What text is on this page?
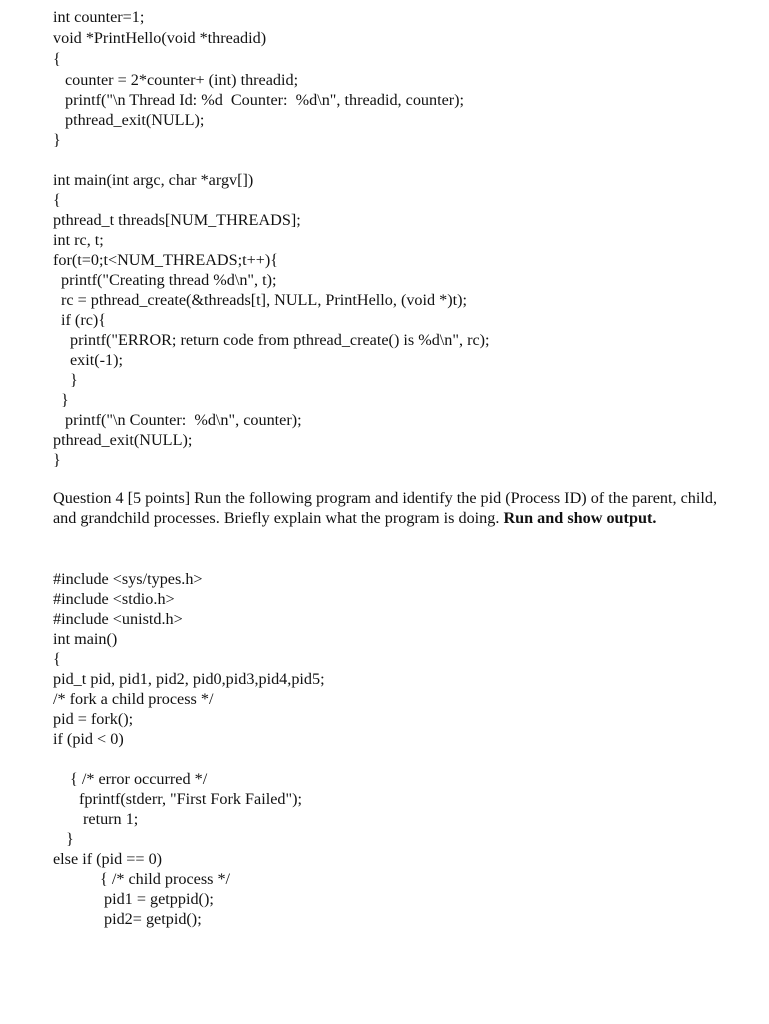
int counter=1;
void *PrintHello(void *threadid)
{
counter = 2*counter+ (int) threadid;
printf("\n Thread Id: %d  Counter:  %d\n", threadid, counter);
pthread_exit(NULL);
}
int main(int argc, char *argv[])
{
pthread_t threads[NUM_THREADS];
int rc, t;
for(t=0;t<NUM_THREADS;t++){
printf("Creating thread %d\n", t);
rc = pthread_create(&threads[t], NULL, PrintHello, (void *)t);
if (rc){
printf("ERROR; return code from pthread_create() is %d\n", rc);
exit(-1);
}
}
printf("\n Counter:  %d\n", counter);
pthread_exit(NULL);
}
Question 4 [5 points] Run the following program and identify the pid (Process ID) of the parent, child, and grandchild processes. Briefly explain what the program is doing. Run and show output.
#include <sys/types.h>
#include <stdio.h>
#include <unistd.h>
int main()
{
pid_t pid, pid1, pid2, pid0,pid3,pid4,pid5;
/* fork a child process */
pid = fork();
if (pid < 0)
{ /* error occurred */
fprintf(stderr, "First Fork Failed");
return 1;
}
else if (pid == 0)
{ /* child process */
pid1 = getppid();
pid2= getpid();
